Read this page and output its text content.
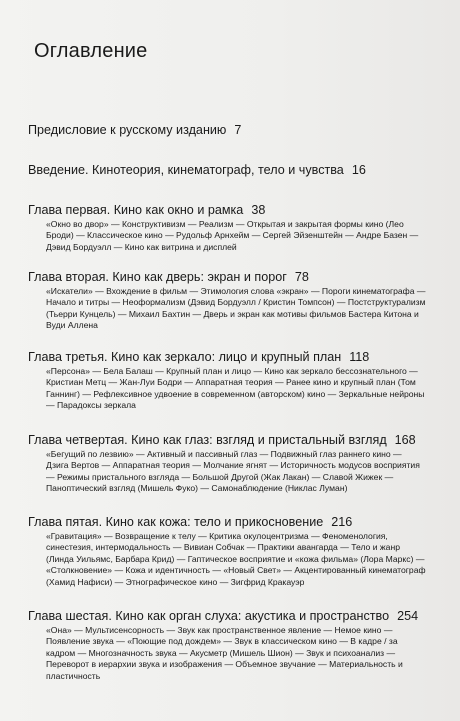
Оглавление
Предисловие к русскому изданию 7
Введение. Кинотеория, кинематограф, тело и чувства 16
Глава первая. Кино как окно и рамка 38
«Окно во двор» — Конструктивизм — Реализм — Открытая и закрытая формы кино (Лео Броди) — Классическое кино — Рудольф Арнхейм — Сергей Эйзенштейн — Андре Базен — Дэвид Бордуэлл — Кино как витрина и дисплей
Глава вторая. Кино как дверь: экран и порог 78
«Искатели» — Вхождение в фильм — Этимология слова «экран» — Пороги кинематографа — Начало и титры — Неоформализм (Дэвид Бордуэлл / Кристин Томпсон) — Постструктурализм (Тьерри Кунцель) — Михаил Бахтин — Дверь и экран как мотивы фильмов Бастера Китона и Вуди Аллена
Глава третья. Кино как зеркало: лицо и крупный план 118
«Персона» — Бела Балаш — Крупный план и лицо — Кино как зеркало бессознательного — Кристиан Метц — Жан-Луи Бодри — Аппаратная теория — Ранее кино и крупный план (Том Ганнинг) — Рефлексивное удвоение в современном (авторском) кино — Зеркальные нейроны — Парадоксы зеркала
Глава четвертая. Кино как глаз: взгляд и пристальный взгляд 168
«Бегущий по лезвию» — Активный и пассивный глаз — Подвижный глаз раннего кино — Дзига Вертов — Аппаратная теория — Молчание ягнят — Историчность модусов восприятия — Режимы пристального взгляда — Большой Другой (Жак Лакан) — Славой Жижек — Паноптический взгляд (Мишель Фуко) — Самонаблюдение (Никлас Луман)
Глава пятая. Кино как кожа: тело и прикосновение 216
«Гравитация» — Возвращение к телу — Критика окулоцентризма — Феноменология, синестезия, интермодальность — Вивиан Собчак — Практики авангарда — Тело и жанр (Линда Уильямс, Барбара Крид) — Гаптическое восприятие и «кожа фильма» (Лора Маркс) — «Столкновение» — Кожа и идентичность — «Новый Свет» — Акцентированный кинематограф (Хамид Нафиси) — Этнографическое кино — Зигфрид Кракауэр
Глава шестая. Кино как орган слуха: акустика и пространство 254
«Она» — Мультисенсорность — Звук как пространственное явление — Немое кино — Появление звука — «Поющие под дождем» — Звук в классическом кино — В кадре / за кадром — Многозначность звука — Акусметр (Мишель Шион) — Звук и психоанализ — Переворот в иерархии звука и изображения — Объемное звучание — Материальность и пластичность
